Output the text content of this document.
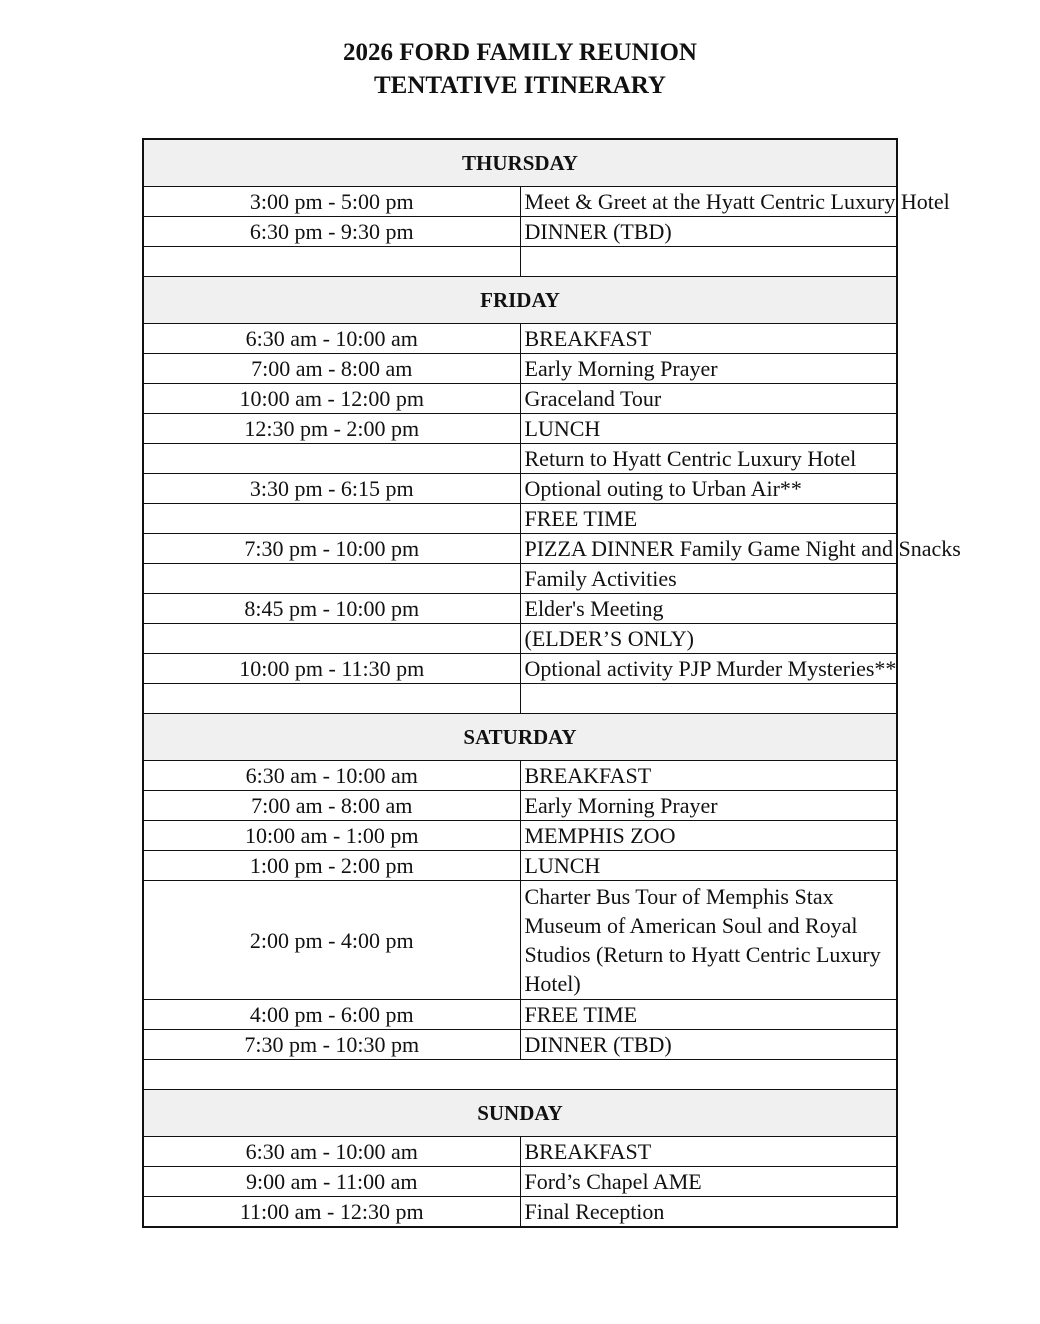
2026 FORD FAMILY REUNION
TENTATIVE ITINERARY
THURSDAY	
3:00 pm - 5:00 pm	Meet & Greet at the Hyatt Centric Luxury Hotel
6:30 pm - 9:30 pm	DINNER (TBD)

FRIDAY	
6:30 am - 10:00 am	BREAKFAST
7:00 am - 8:00 am	Early Morning Prayer
10:00 am - 12:00 pm	Graceland Tour
12:30 pm - 2:00 pm	LUNCH
	Return to Hyatt Centric Luxury Hotel
3:30 pm - 6:15 pm	Optional outing to Urban Air**
	FREE TIME
7:30 pm - 10:00 pm	PIZZA DINNER Family Game Night and Snacks
	Family Activities
8:45 pm - 10:00 pm	Elder's Meeting
	(ELDER’S ONLY)
10:00 pm - 11:30 pm	Optional activity PJP Murder Mysteries**

SATURDAY	
6:30 am - 10:00 am	BREAKFAST
7:00 am - 8:00 am	Early Morning Prayer
10:00 am - 1:00 pm	MEMPHIS ZOO
1:00 pm - 2:00 pm	LUNCH
2:00 pm - 4:00 pm	Charter Bus Tour of Memphis Stax Museum of American Soul and Royal Studios (Return to Hyatt Centric Luxury Hotel)
4:00 pm - 6:00 pm	FREE TIME
7:30 pm - 10:30 pm	DINNER (TBD)

SUNDAY	
6:30 am - 10:00 am	BREAKFAST
9:00 am - 11:00 am	Ford’s Chapel AME
11:00 am - 12:30 pm	Final Reception
